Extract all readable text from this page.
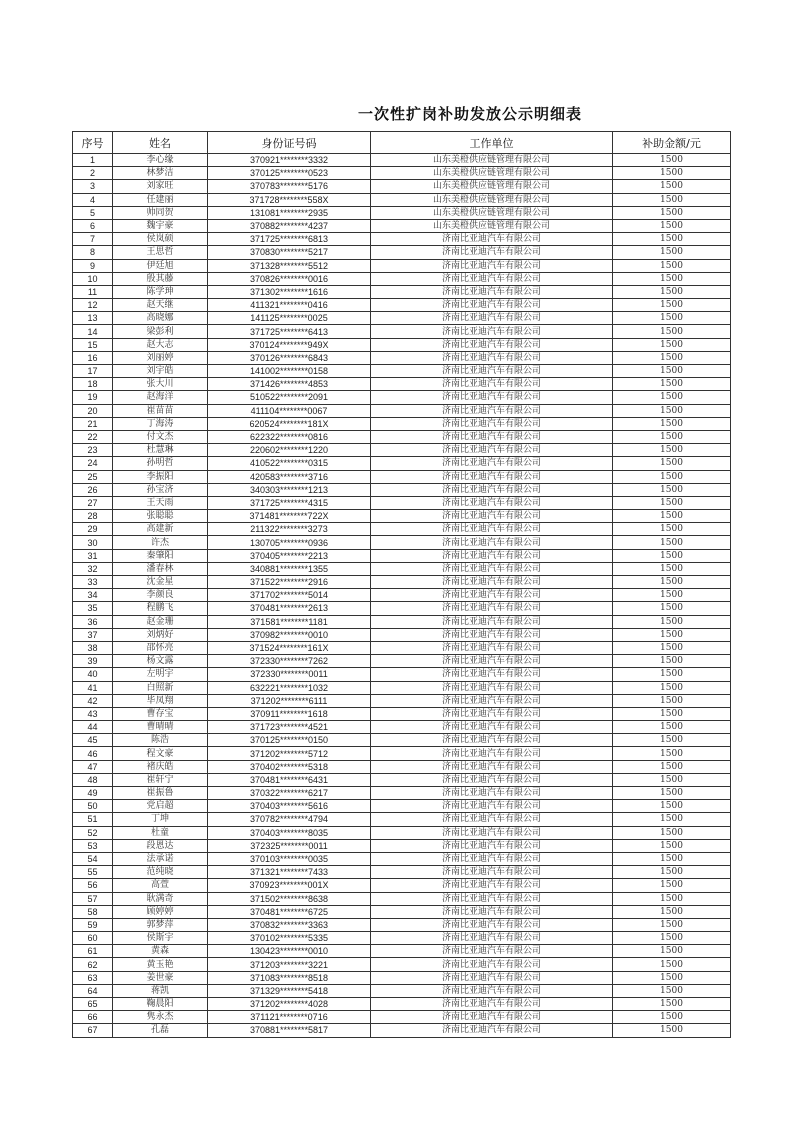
一次性扩岗补助发放公示明细表
序号	姓名	身份证号码	工作单位	补助金额/元
1	李心缘	370921********3332	山东美橙供应链管理有限公司	1500
2	林梦洁	370125********0523	山东美橙供应链管理有限公司	1500
3	刘家旺	370783********5176	山东美橙供应链管理有限公司	1500
4	任建丽	371728********558X	山东美橙供应链管理有限公司	1500
5	帅同贺	131081********2935	山东美橙供应链管理有限公司	1500
6	魏宇豪	370882********4237	山东美橙供应链管理有限公司	1500
7	侯岚硕	371725********6813	济南比亚迪汽车有限公司	1500
8	王思哲	370830********5217	济南比亚迪汽车有限公司	1500
9	伊廷旭	371328********5512	济南比亚迪汽车有限公司	1500
10	殷其藤	370826********0016	济南比亚迪汽车有限公司	1500
11	陈学珅	371302********1616	济南比亚迪汽车有限公司	1500
12	赵天继	411321********0416	济南比亚迪汽车有限公司	1500
13	高晓娜	141125********0025	济南比亚迪汽车有限公司	1500
14	梁彭利	371725********6413	济南比亚迪汽车有限公司	1500
15	赵大志	370124********949X	济南比亚迪汽车有限公司	1500
16	刘丽婷	370126********6843	济南比亚迪汽车有限公司	1500
17	刘宇皓	141002********0158	济南比亚迪汽车有限公司	1500
18	张大川	371426********4853	济南比亚迪汽车有限公司	1500
19	赵海洋	510522********2091	济南比亚迪汽车有限公司	1500
20	崔苗苗	411104********0067	济南比亚迪汽车有限公司	1500
21	丁海涛	620524********181X	济南比亚迪汽车有限公司	1500
22	付文杰	622322********0816	济南比亚迪汽车有限公司	1500
23	杜慧琳	220602********1220	济南比亚迪汽车有限公司	1500
24	孙明哲	410522********0315	济南比亚迪汽车有限公司	1500
25	李振阳	420583********3716	济南比亚迪汽车有限公司	1500
26	孙宝济	340303********1213	济南比亚迪汽车有限公司	1500
27	王天雨	371725********4315	济南比亚迪汽车有限公司	1500
28	张聪聪	371481********722X	济南比亚迪汽车有限公司	1500
29	高建新	211322********3273	济南比亚迪汽车有限公司	1500
30	许杰	130705********0936	济南比亚迪汽车有限公司	1500
31	秦肇阳	370405********2213	济南比亚迪汽车有限公司	1500
32	潘春林	340881********1355	济南比亚迪汽车有限公司	1500
33	沈金星	371522********2916	济南比亚迪汽车有限公司	1500
34	李颜良	371702********5014	济南比亚迪汽车有限公司	1500
35	程鹏飞	370481********2613	济南比亚迪汽车有限公司	1500
36	赵金珊	371581********1181	济南比亚迪汽车有限公司	1500
37	刘炳好	370982********0010	济南比亚迪汽车有限公司	1500
38	邵怀亮	371524********161X	济南比亚迪汽车有限公司	1500
39	杨文露	372330********7262	济南比亚迪汽车有限公司	1500
40	左明宇	372330********0011	济南比亚迪汽车有限公司	1500
41	白照新	632221********1032	济南比亚迪汽车有限公司	1500
42	毕凤翔	371202********6111	济南比亚迪汽车有限公司	1500
43	曹存宝	370911********1618	济南比亚迪汽车有限公司	1500
44	曹晴晴	371723********4521	济南比亚迪汽车有限公司	1500
45	陈浩	370125********0150	济南比亚迪汽车有限公司	1500
46	程文豪	371202********5712	济南比亚迪汽车有限公司	1500
47	褚庆皓	370402********5318	济南比亚迪汽车有限公司	1500
48	崔轩宁	370481********6431	济南比亚迪汽车有限公司	1500
49	崔振鲁	370322********6217	济南比亚迪汽车有限公司	1500
50	党启超	370403********5616	济南比亚迪汽车有限公司	1500
51	丁坤	370782********4794	济南比亚迪汽车有限公司	1500
52	杜童	370403********8035	济南比亚迪汽车有限公司	1500
53	段恩达	372325********0011	济南比亚迪汽车有限公司	1500
54	法承诺	370103********0035	济南比亚迪汽车有限公司	1500
55	范纯晓	371321********7433	济南比亚迪汽车有限公司	1500
56	高萱	370923********001X	济南比亚迪汽车有限公司	1500
57	耿满奇	371502********8638	济南比亚迪汽车有限公司	1500
58	顾婷婷	370481********6725	济南比亚迪汽车有限公司	1500
59	郭梦萍	370832********3363	济南比亚迪汽车有限公司	1500
60	侯斯宇	370102********5335	济南比亚迪汽车有限公司	1500
61	黄森	130423********0010	济南比亚迪汽车有限公司	1500
62	黄玉艳	371203********3221	济南比亚迪汽车有限公司	1500
63	姜世豪	371083********8518	济南比亚迪汽车有限公司	1500
64	蒋凯	371329********5418	济南比亚迪汽车有限公司	1500
65	鞠晨阳	371202********4028	济南比亚迪汽车有限公司	1500
66	隽永杰	371121********0716	济南比亚迪汽车有限公司	1500
67	孔磊	370881********5817	济南比亚迪汽车有限公司	1500
